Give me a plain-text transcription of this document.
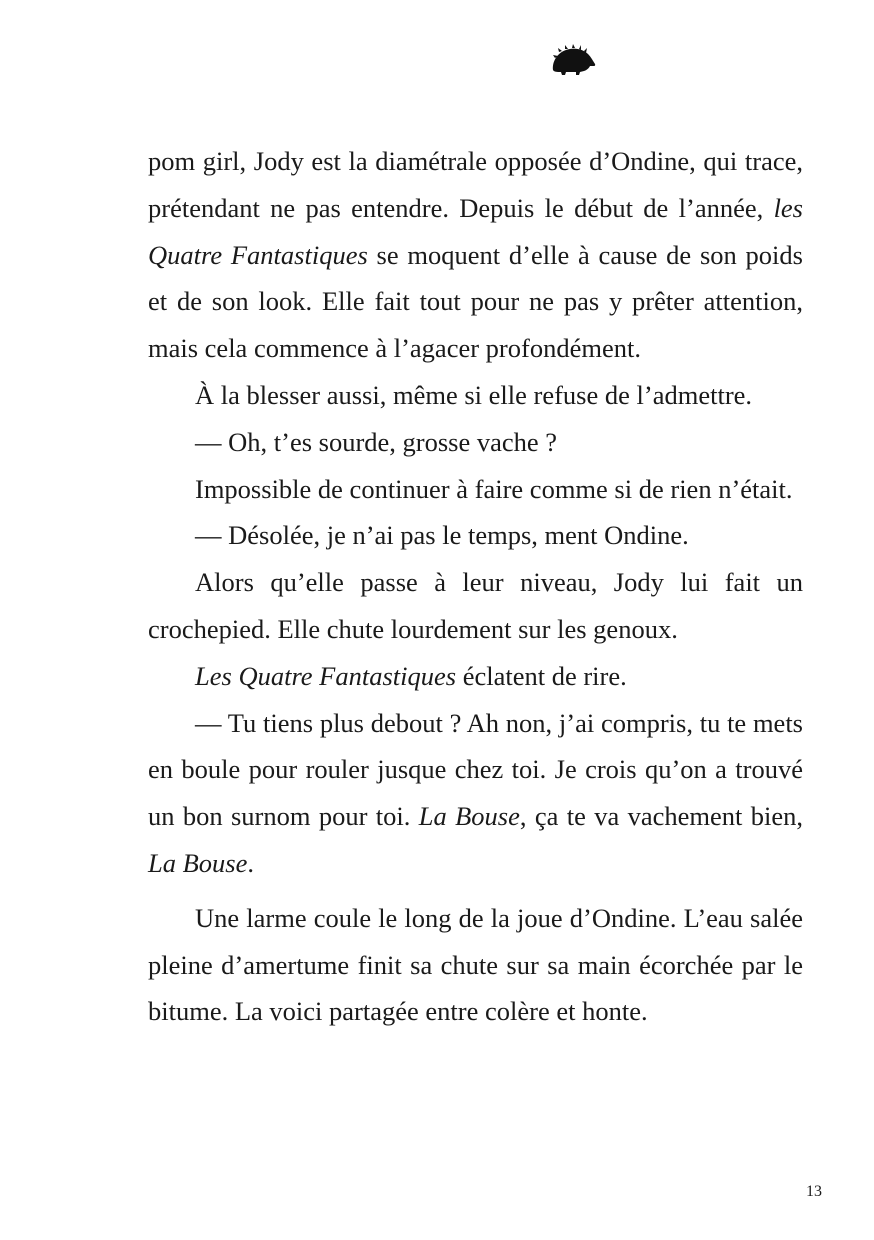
pom girl, Jody est la diamétrale opposée d’Ondine, qui trace, prétendant ne pas entendre. Depuis le début de l’année, les Quatre Fantastiques se moquent d’elle à cause de son poids et de son look. Elle fait tout pour ne pas y prêter attention, mais cela commence à l’agacer profondément.

À la blesser aussi, même si elle refuse de l’admettre.

— Oh, t’es sourde, grosse vache ?

Impossible de continuer à faire comme si de rien n’était.

— Désolée, je n’ai pas le temps, ment Ondine.

Alors qu’elle passe à leur niveau, Jody lui fait un crochepied. Elle chute lourdement sur les genoux.

Les Quatre Fantastiques éclatent de rire.

— Tu tiens plus debout ? Ah non, j’ai compris, tu te mets en boule pour rouler jusque chez toi. Je crois qu’on a trouvé un bon surnom pour toi. La Bouse, ça te va vachement bien, La Bouse.

Une larme coule le long de la joue d’Ondine. L’eau salée pleine d’amertume finit sa chute sur sa main écorchée par le bitume. La voici partagée entre colère et honte.

13
